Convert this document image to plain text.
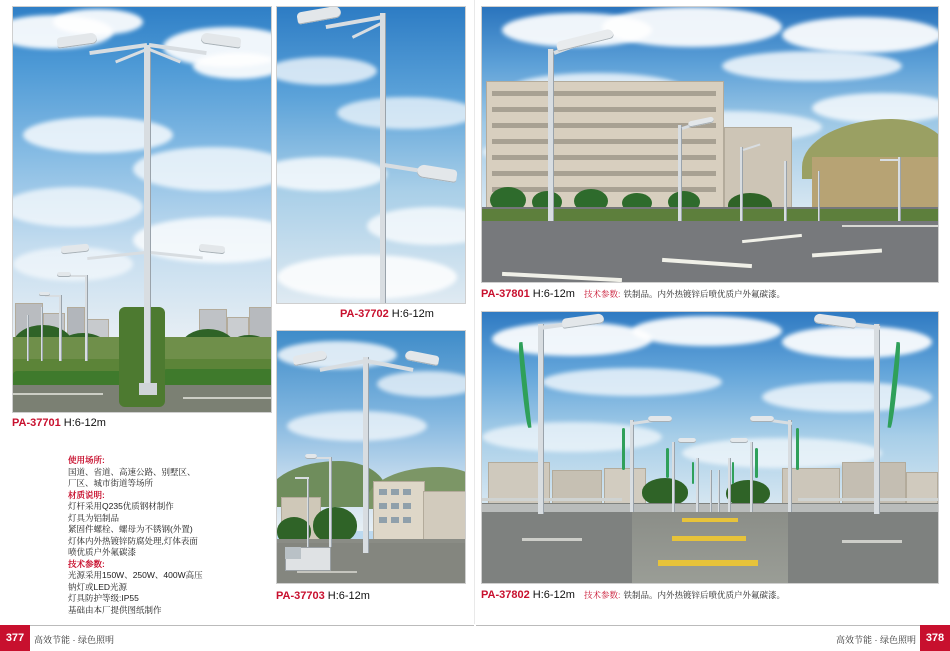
PA-37701 H:6-12m

使用场所:

国道、省道、高速公路、别墅区、

厂区、城市街道等场所

材质说明:

灯杆采用Q235优质钢材制作

灯具为铝制品

紧固件螺栓、螺母为不锈钢(外置)

灯体内外热镀锌防腐处理,灯体表面

喷优质户外氟碳漆

技术参数:

光源采用150W、250W、400W高压

钠灯或LED光源

灯具防护等级:IP55

基础由本厂提供图纸制作

PA-37702 H:6-12m
PA-37703 H:6-12m
PA-37801 H:6-12m 技术参数: 铁制品。内外热镀锌后喷优质户外氟碳漆。
PA-37802 H:6-12m 技术参数: 铁制品。内外热镀锌后喷优质户外氟碳漆。
377	高效节能 · 绿色照明	378
高效节能 · 绿色照明
